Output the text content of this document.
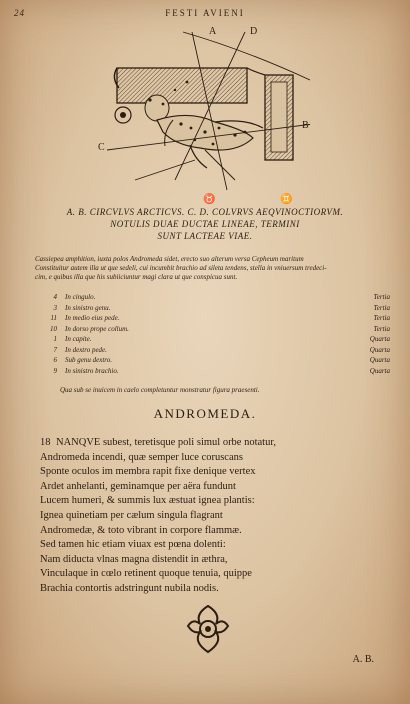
24	FESTI AVIENI
A
B
C
D
♉	♊
A. B. CIRCVLVS ARCTICVS. C. D. COLVRVS AEQVINOCTIORVM.
NOTULIS DUAE DUCTAE LINEAE, TERMINI
SUNT LACTEAE VIAE.
Cassiepea amphition, iuxta polos Andromeda sidet, erecto suo alterum versa Cepheum maritum
Constituitur autem illa ut que sedeli, cui incumbit brachio ad sileta tendens, stella in vniuersum tredeci-
cim, e quibus illa que his subiiciuntur magi clara ut que conspicua sunt.
4 In cingulo.	Tertia
3 In sinistro genu.	Tertia
11 In medio eius pede.	Tertia
10 In dorso prope collum.	Tertia
1 In capite.	Quarta
7 In dextro pede.	Quarta
6 Sub genu dextro.	Quarta
9 In sinistro brachio.	Quarta
Qua sub se inuicem in caelo completuntur monstratur figura praesenti.
ANDROMEDA.
18 NANQVE subest, teretisque poli simul orbe notatur,
Andromeda incendi, quæ semper luce coruscans
Sponte oculos im membra rapit fixe denique vertex
Ardet anhelanti, geminamque per aëra fundunt
Lucem humeri, & summis lux æstuat ignea plantis:
Ignea quinetiam per cælum singula flagrant
Andromedæ, & toto vibrant in corpore flammæ.
Sed tamen hic etiam viuax est pœna dolenti:
Nam diducta vlnas magna distendit in æthra,
Vinculaque in cœlo retinent quoque tenuia, quippe
Brachia contortis adstringunt nubila nodis.
A. B.
